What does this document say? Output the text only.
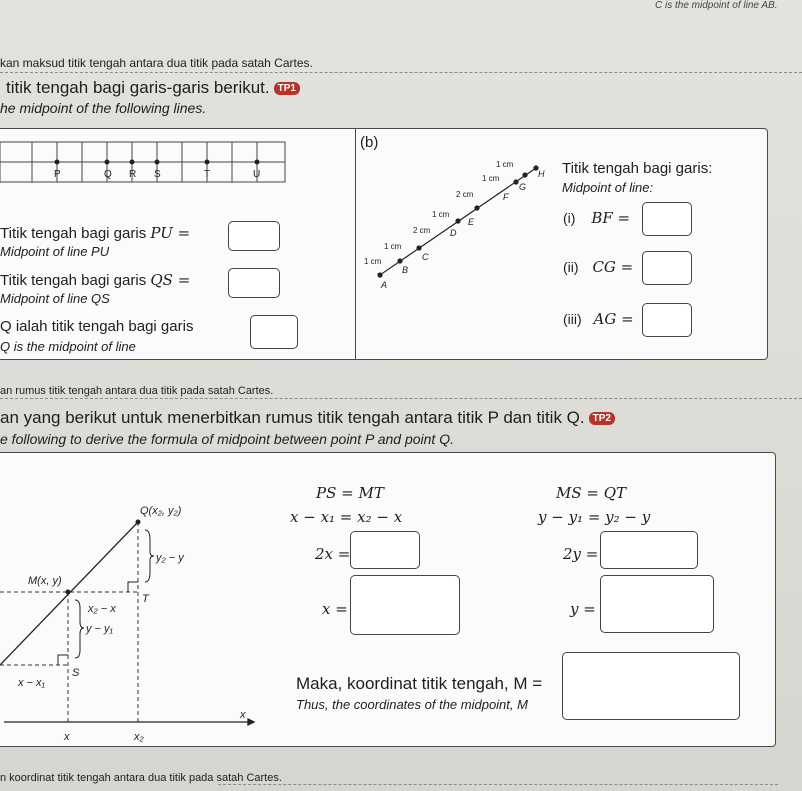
C is the midpoint of line AB.
kan maksud titik tengah antara dua titik pada satah Cartes.
titik tengah bagi garis-garis berikut. TP1
he midpoint of the following lines.
P	Q R S	T	U
Titik tengah bagi garis PU =
Midpoint of line PU
Titik tengah bagi garis QS =
Midpoint of line QS
Q ialah titik tengah bagi garis
Q is the midpoint of line
(b)
1 cm
1 cm
2 cm
1 cm
2 cm
1 cm
1 cm
A
B
C
D
E
F
G
H Titik tengah bagi garis:
Midpoint of line:
(i) BF =
(ii) CG =
(iii) AG =
an rumus titik tengah antara dua titik pada satah Cartes.
an yang berikut untuk menerbitkan rumus titik tengah antara titik P dan titik Q. TP2
e following to derive the formula of midpoint between point P and point Q.
Q(x₂, y₂)
M(x, y)
T
S
y₂ − y
x₂ − x
y − y₁
x − x₁
x	x₂
x
PS = MT
x − x₁ = x₂ − x
2x =
x =
MS = QT
y − y₁ = y₂ − y
2y =
y =
Maka, koordinat titik tengah, M =
Thus, the coordinates of the midpoint, M
n koordinat titik tengah antara dua titik pada satah Cartes.
